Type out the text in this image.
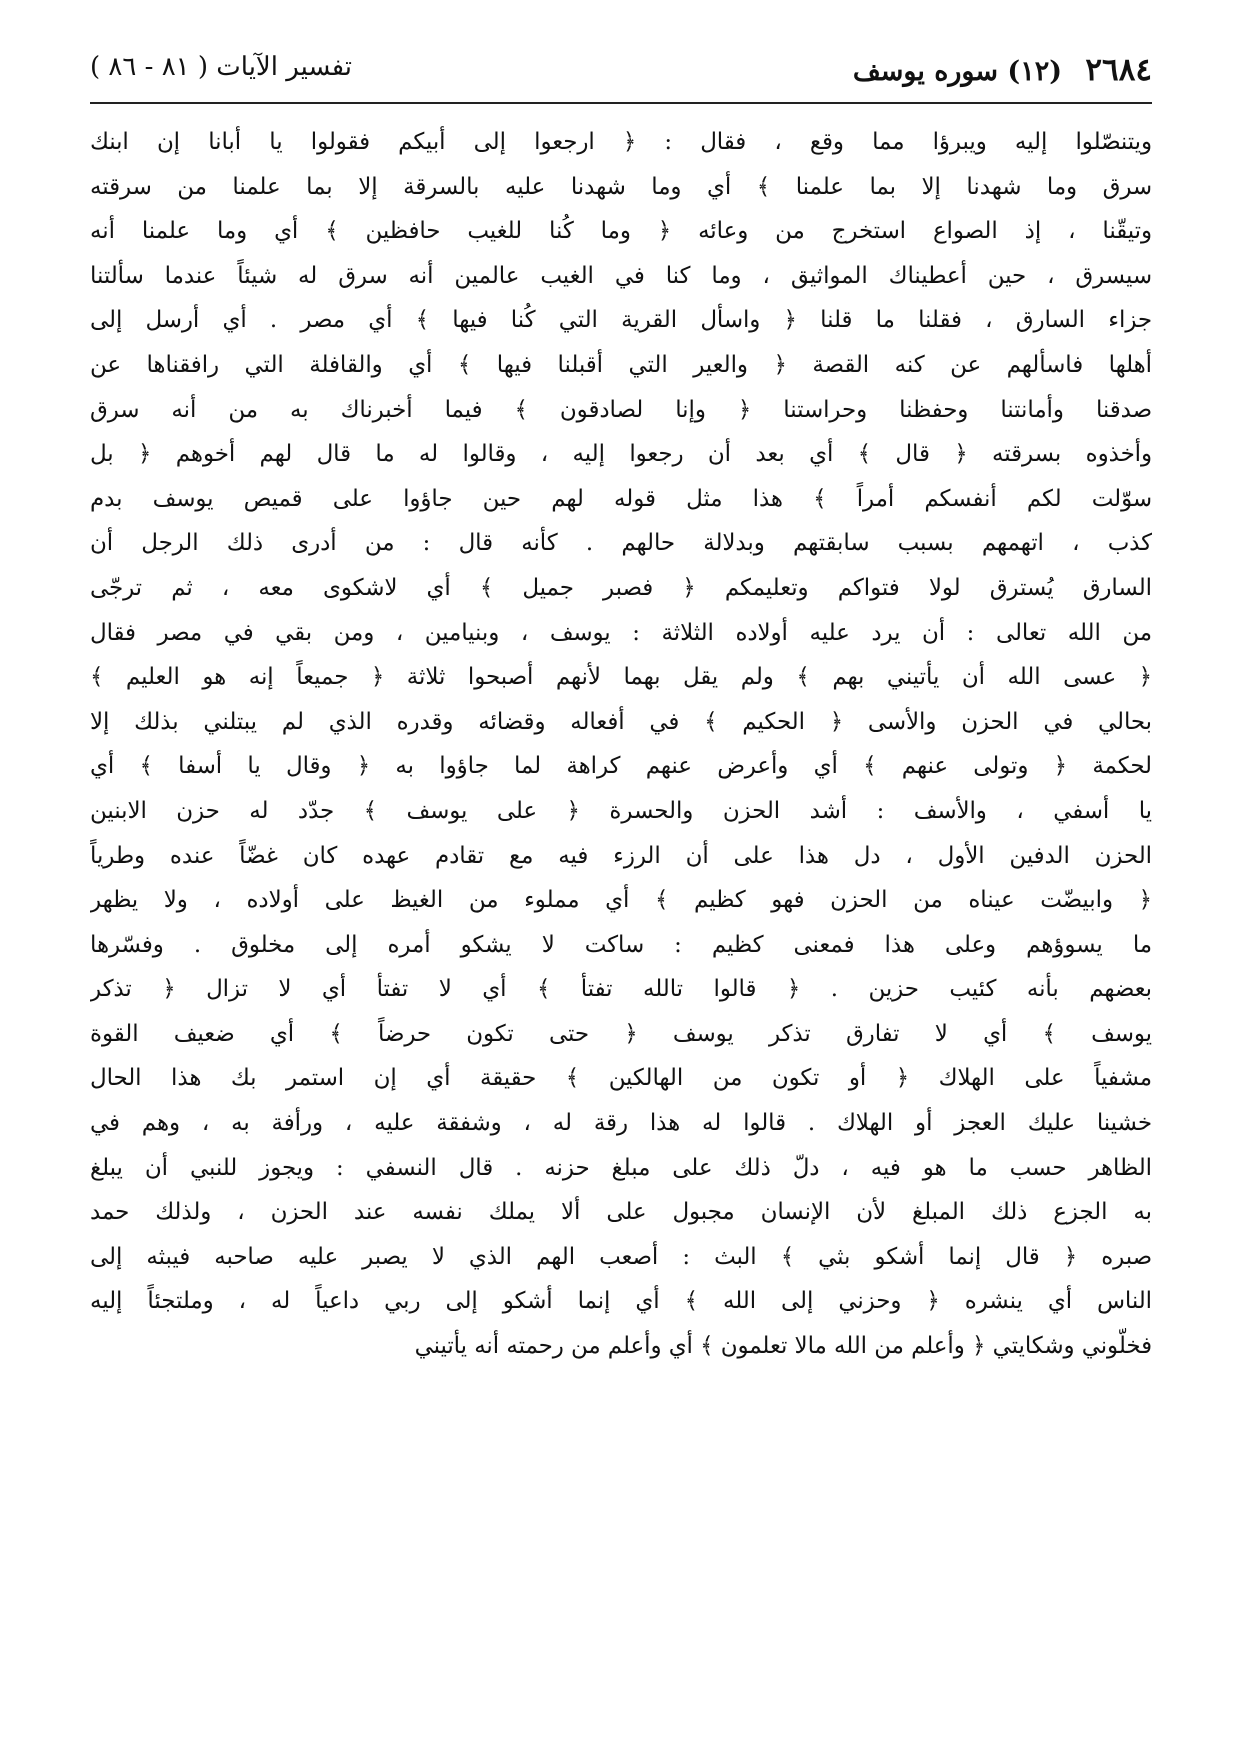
٢٦٨٤ (١٢) سوره يوسف
تفسير الآيات ( ٨١ - ٨٦ )
ويتنصّلوا إليه ويبرؤا مما وقع ، فقال : ﴿ ارجعوا إلى أبيكم فقولوا يا أبانا إن ابنك
سرق وما شهدنا إلا بما علمنا ﴾ أي وما شهدنا عليه بالسرقة إلا بما علمنا من سرقته
وتيقّنا ، إذ الصواع استخرج من وعائه ﴿ وما كُنا للغيب حافظين ﴾ أي وما علمنا أنه
سيسرق ، حين أعطيناك المواثيق ، وما كنا في الغيب عالمين أنه سرق له شيئاً عندما سألتنا
جزاء السارق ، فقلنا ما قلنا ﴿ واسأل القرية التي كُنا فيها ﴾ أي مصر . أي أرسل إلى
أهلها فاسألهم عن كنه القصة ﴿ والعير التي أقبلنا فيها ﴾ أي والقافلة التي رافقناها عن
صدقنا وأمانتنا وحفظنا وحراستنا ﴿ وإنا لصادقون ﴾ فيما أخبرناك به من أنه سرق
وأخذوه بسرقته ﴿ قال ﴾ أي بعد أن رجعوا إليه ، وقالوا له ما قال لهم أخوهم ﴿ بل
سوّلت لكم أنفسكم أمراً ﴾ هذا مثل قوله لهم حين جاؤوا على قميص يوسف بدم
كذب ، اتهمهم بسبب سابقتهم وبدلالة حالهم . كأنه قال : من أدرى ذلك الرجل أن
السارق يُسترق لولا فتواكم وتعليمكم ﴿ فصبر جميل ﴾ أي لاشكوى معه ، ثم ترجّى
من الله تعالى : أن يرد عليه أولاده الثلاثة : يوسف ، وبنيامين ، ومن بقي في مصر فقال
﴿ عسى الله أن يأتيني بهم ﴾ ولم يقل بهما لأنهم أصبحوا ثلاثة ﴿ جميعاً إنه هو العليم ﴾
بحالي في الحزن والأسى ﴿ الحكيم ﴾ في أفعاله وقضائه وقدره الذي لم يبتلني بذلك إلا
لحكمة ﴿ وتولى عنهم ﴾ أي وأعرض عنهم كراهة لما جاؤوا به ﴿ وقال يا أسفا ﴾ أي
يا أسفي ، والأسف : أشد الحزن والحسرة ﴿ على يوسف ﴾ جدّد له حزن الابنين
الحزن الدفين الأول ، دل هذا على أن الرزء فيه مع تقادم عهده كان غضّاً عنده وطرياً
﴿ وابيضّت عيناه من الحزن فهو كظيم ﴾ أي مملوء من الغيظ على أولاده ، ولا يظهر
ما يسوؤهم وعلى هذا فمعنى كظيم : ساكت لا يشكو أمره إلى مخلوق . وفسّرها
بعضهم بأنه كئيب حزين . ﴿ قالوا تالله تفتأ ﴾ أي لا تفتأ أي لا تزال ﴿ تذكر
يوسف ﴾ أي لا تفارق تذكر يوسف ﴿ حتى تكون حرضاً ﴾ أي ضعيف القوة
مشفياً على الهلاك ﴿ أو تكون من الهالكين ﴾ حقيقة أي إن استمر بك هذا الحال
خشينا عليك العجز أو الهلاك . قالوا له هذا رقة له ، وشفقة عليه ، ورأفة به ، وهم في
الظاهر حسب ما هو فيه ، دلّ ذلك على مبلغ حزنه . قال النسفي : ويجوز للنبي أن يبلغ
به الجزع ذلك المبلغ لأن الإنسان مجبول على ألا يملك نفسه عند الحزن ، ولذلك حمد
صبره ﴿ قال إنما أشكو بثي ﴾ البث : أصعب الهم الذي لا يصبر عليه صاحبه فيبثه إلى
الناس أي ينشره ﴿ وحزني إلى الله ﴾ أي إنما أشكو إلى ربي داعياً له ، وملتجئاً إليه
فخلّوني وشكايتي ﴿ وأعلم من الله مالا تعلمون ﴾ أي وأعلم من رحمته أنه يأتيني
